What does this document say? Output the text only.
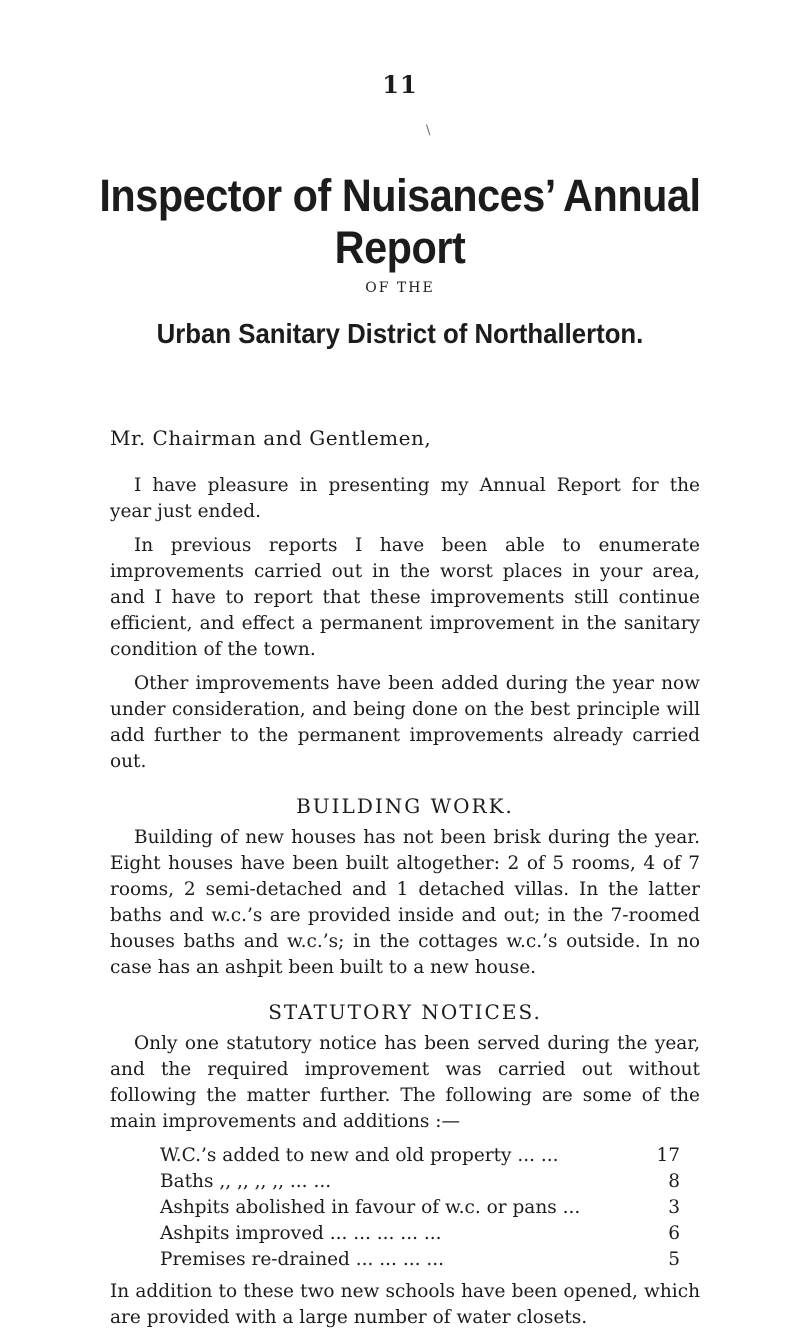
11
\
Inspector of Nuisances’ Annual Report
OF THE
Urban Sanitary District of Northallerton.

Mr. Chairman and Gentlemen,

I have pleasure in presenting my Annual Report for the year just ended.

In previous reports I have been able to enumerate improvements carried out in the worst places in your area, and I have to report that these improvements still continue efficient, and effect a permanent improvement in the sanitary condition of the town.

Other improvements have been added during the year now under consideration, and being done on the best principle will add further to the permanent improvements already carried out.

BUILDING WORK.

Building of new houses has not been brisk during the year. Eight houses have been built altogether: 2 of 5 rooms, 4 of 7 rooms, 2 semi-detached and 1 detached villas. In the latter baths and w.c.’s are provided inside and out; in the 7-roomed houses baths and w.c.’s; in the cottages w.c.’s outside. In no case has an ashpit been built to a new house.

STATUTORY NOTICES.

Only one statutory notice has been served during the year, and the required improvement was carried out without following the matter further. The following are some of the main improvements and additions :—

W.C.’s added to new and old property ... ...	17
Baths ,, ,, ,, ,, ... ...	8
Ashpits abolished in favour of w.c. or pans ...	3
Ashpits improved ... ... ... ... ...	6
Premises re-drained ... ... ... ...	5

In addition to these two new schools have been opened, which are provided with a large number of water closets.
